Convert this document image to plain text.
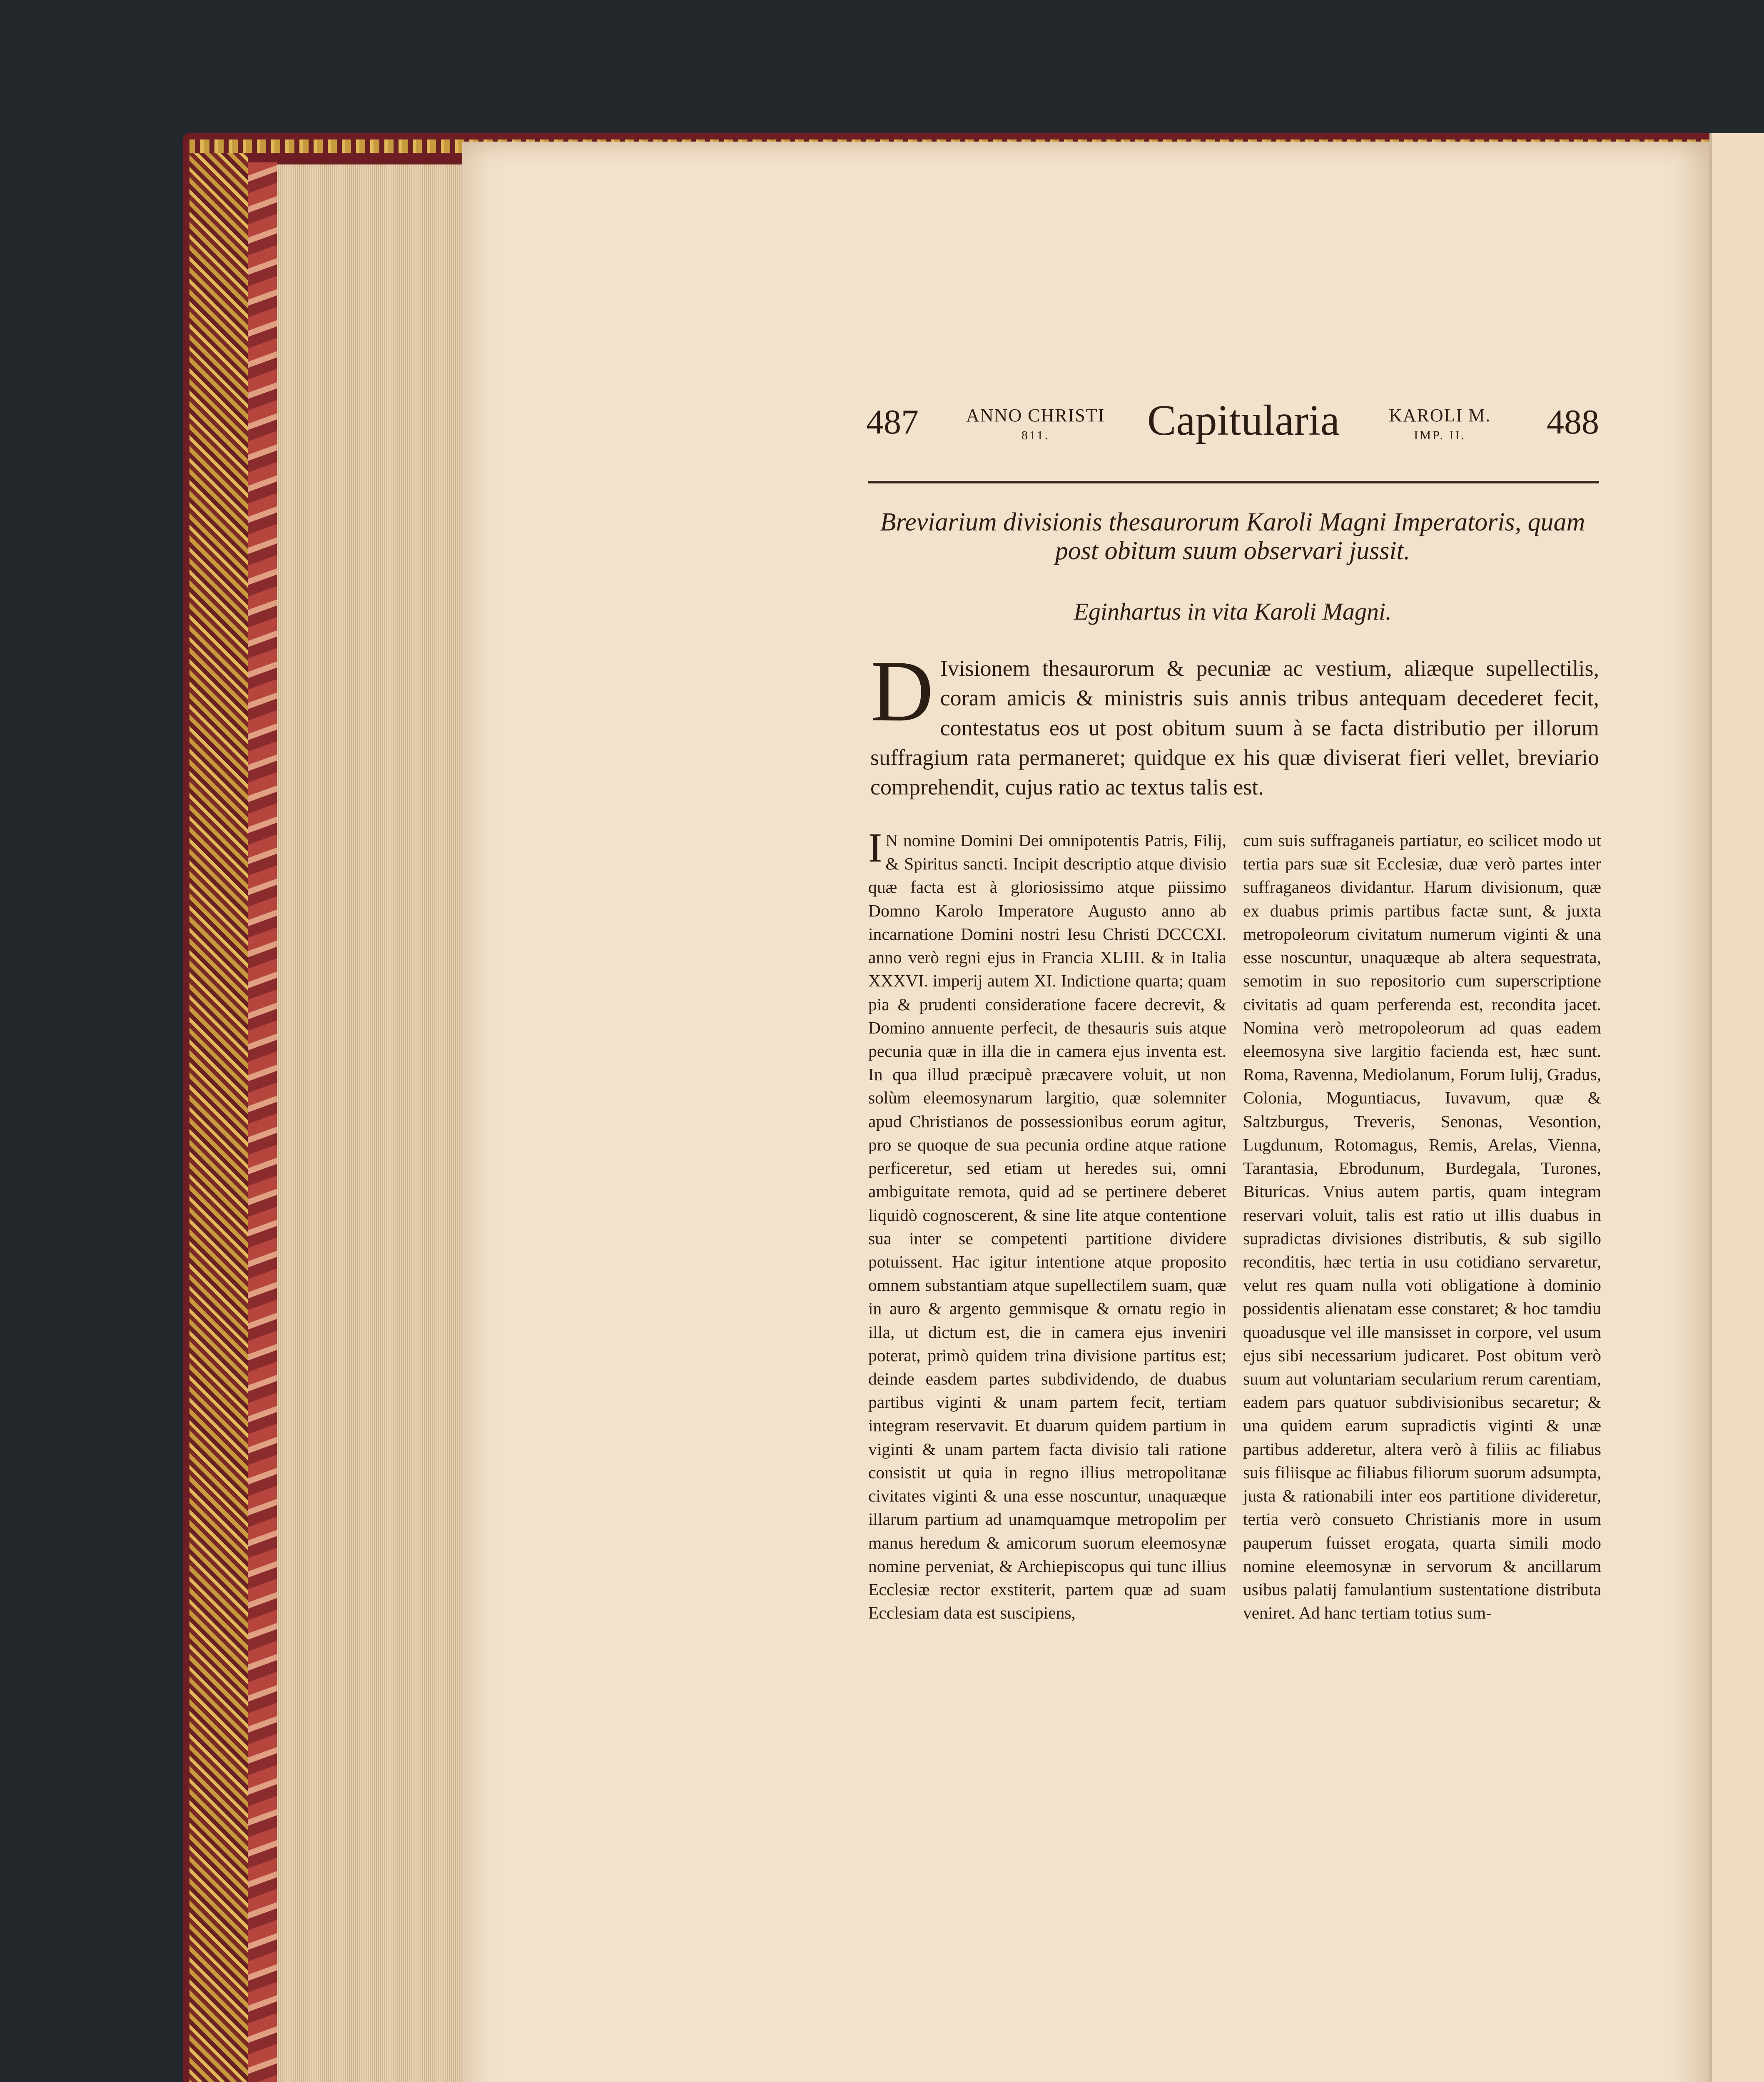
487	ANNO CHRISTI
811.	Capitularia	KAROLI M.
IMP. II.	488
Breviarium divisionis thesaurorum Karoli Magni Imperatoris, quam post obitum suum observari jussit.
Eginhartus in vita Karoli Magni.
D Ivisionem thesaurorum & pecuniæ ac vestium, aliæque supellectilis, coram amicis & ministris suis annis tribus antequam decederet fecit, contestatus eos ut post obitum suum à se facta distributio per illorum suffragium rata permaneret; quidque ex his quæ diviserat fieri vellet, breviario comprehendit, cujus ratio ac textus talis est.
I N nomine Domini Dei omnipotentis Patris, Filij, & Spiritus sancti. Incipit descriptio atque divisio quæ facta est à gloriosissimo atque piissimo Domno Karolo Imperatore Augusto anno ab incarnatione Domini nostri Iesu Christi DCCCXI. anno verò regni ejus in Francia XLIII. & in Italia XXXVI. imperij autem XI. Indictione quarta; quam pia & prudenti consideratione facere decrevit, & Domino annuente perfecit, de thesauris suis atque pecunia quæ in illa die in camera ejus inventa est. In qua illud præcipuè præcavere voluit, ut non solùm eleemosynarum largitio, quæ solemniter apud Christianos de possessionibus eorum agitur, pro se quoque de sua pecunia ordine atque ratione perficeretur, sed etiam ut heredes sui, omni ambiguitate remota, quid ad se pertinere deberet liquidò cognoscerent, & sine lite atque contentione sua inter se competenti partitione dividere potuissent. Hac igitur intentione atque proposito omnem substantiam atque supellectilem suam, quæ in auro & argento gemmisque & ornatu regio in illa, ut dictum est, die in camera ejus inveniri poterat, primò quidem trina divisione partitus est; deinde easdem partes subdividendo, de duabus partibus viginti & unam partem fecit, tertiam integram reservavit. Et duarum quidem partium in viginti & unam partem facta divisio tali ratione consistit ut quia in regno illius metropolitanæ civitates viginti & una esse noscuntur, unaquæque illarum partium ad unamquamque metropolim per manus heredum & amicorum suorum eleemosynæ nomine perveniat, & Archiepiscopus qui tunc illius Ecclesiæ rector exstiterit, partem quæ ad suam Ecclesiam data est suscipiens,
cum suis suffraganeis partiatur, eo scilicet modo ut tertia pars suæ sit Ecclesiæ, duæ verò partes inter suffraganeos dividantur. Harum divisionum, quæ ex duabus primis partibus factæ sunt, & juxta metropoleorum civitatum numerum viginti & una esse noscuntur, unaquæque ab altera sequestrata, semotim in suo repositorio cum superscriptione civitatis ad quam perferenda est, recondita jacet. Nomina verò metropoleorum ad quas eadem eleemosyna sive largitio facienda est, hæc sunt. Roma, Ravenna, Mediolanum, Forum Iulij, Gradus, Colonia, Moguntiacus, Iuvavum, quæ & Saltzburgus, Treveris, Senonas, Vesontion, Lugdunum, Rotomagus, Remis, Arelas, Vienna, Tarantasia, Ebrodunum, Burdegala, Turones, Bituricas. Vnius autem partis, quam integram reservari voluit, talis est ratio ut illis duabus in supradictas divisiones distributis, & sub sigillo reconditis, hæc tertia in usu cotidiano servaretur, velut res quam nulla voti obligatione à dominio possidentis alienatam esse constaret; & hoc tamdiu quoadusque vel ille mansisset in corpore, vel usum ejus sibi necessarium judicaret. Post obitum verò suum aut voluntariam secularium rerum carentiam, eadem pars quatuor subdivisionibus secaretur; & una quidem earum supradictis viginti & unæ partibus adderetur, altera verò à filiis ac filiabus suis filiisque ac filiabus filiorum suorum adsumpta, justa & rationabili inter eos partitione divideretur, tertia verò consueto Christianis more in usum pauperum fuisset erogata, quarta simili modo nomine eleemosynæ in servorum & ancillarum usibus palatij famulantium sustentatione distributa veniret. Ad hanc tertiam totius sum-
